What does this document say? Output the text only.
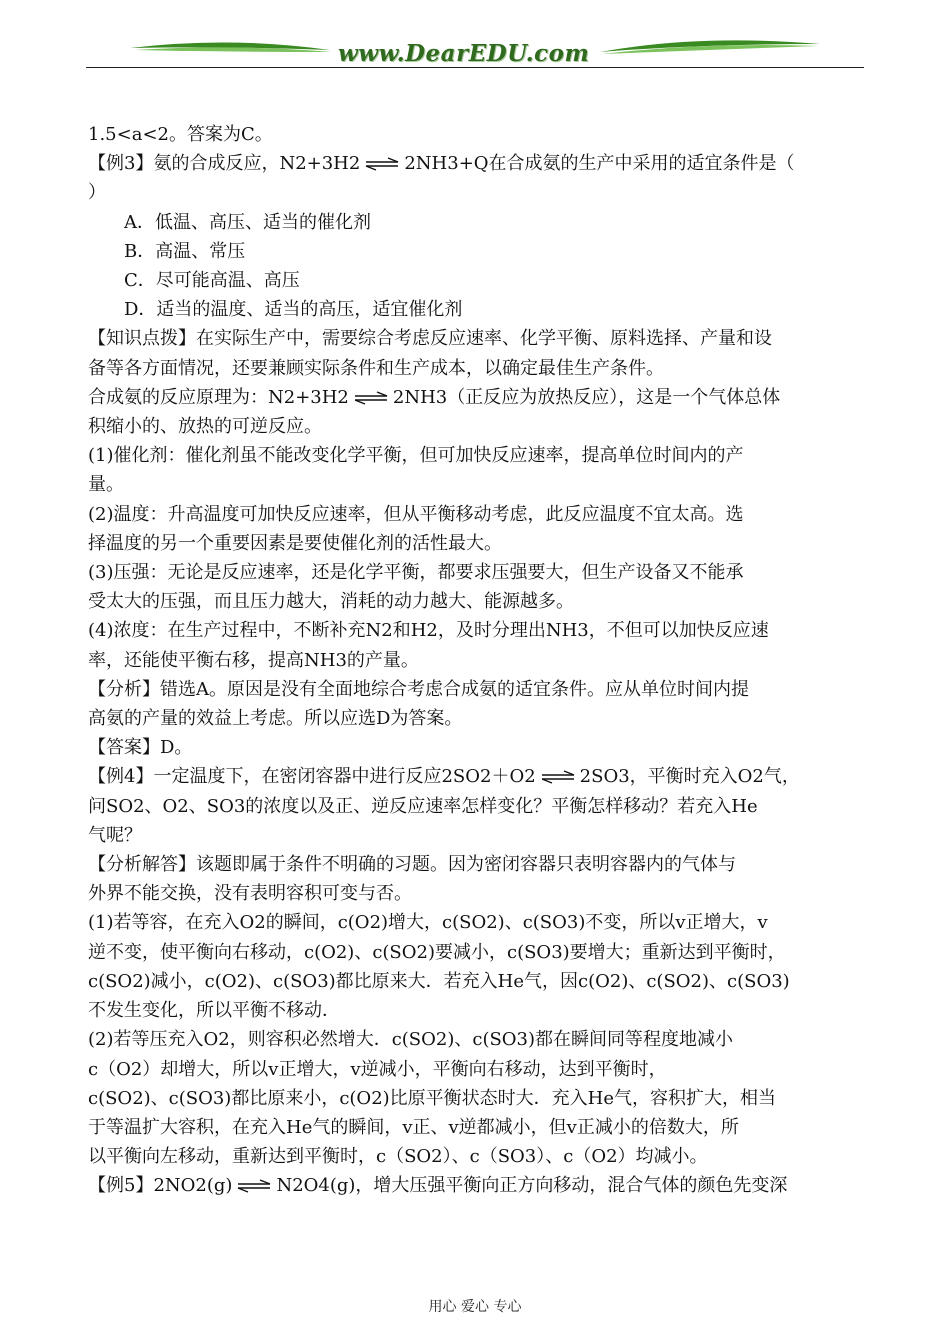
www.DearEDU.com

1.5<a<2。答案为C。

【例3】氨的合成反应，N2+3H2 ⇌ 2NH3+Q在合成氨的生产中采用的适宜条件是（

）

A．低温、高压、适当的催化剂

B．高温、常压

C．尽可能高温、高压

D．适当的温度、适当的高压，适宜催化剂

【知识点拨】在实际生产中，需要综合考虑反应速率、化学平衡、原料选择、产量和设

备等各方面情况，还要兼顾实际条件和生产成本，以确定最佳生产条件。

合成氨的反应原理为：N2+3H2 ⇌ 2NH3（正反应为放热反应），这是一个气体总体

积缩小的、放热的可逆反应。

(1)催化剂：催化剂虽不能改变化学平衡，但可加快反应速率，提高单位时间内的产

量。

(2)温度：升高温度可加快反应速率，但从平衡移动考虑，此反应温度不宜太高。选

择温度的另一个重要因素是要使催化剂的活性最大。

(3)压强：无论是反应速率，还是化学平衡，都要求压强要大，但生产设备又不能承

受太大的压强，而且压力越大，消耗的动力越大、能源越多。

(4)浓度：在生产过程中，不断补充N2和H2，及时分理出NH3，不但可以加快反应速

率，还能使平衡右移，提高NH3的产量。

【分析】错选A。原因是没有全面地综合考虑合成氨的适宜条件。应从单位时间内提

高氨的产量的效益上考虑。所以应选D为答案。

【答案】D。

【例4】一定温度下，在密闭容器中进行反应2SO2＋O2 ⇌ 2SO3，平衡时充入O2气，

问SO2、O2、SO3的浓度以及正、逆反应速率怎样变化？平衡怎样移动？若充入He

气呢？

【分析解答】该题即属于条件不明确的习题。因为密闭容器只表明容器内的气体与

外界不能交换，没有表明容积可变与否。

(1)若等容，在充入O2的瞬间，c(O2)增大，c(SO2)、c(SO3)不变，所以v正增大，v

逆不变，使平衡向右移动，c(O2)、c(SO2)要减小，c(SO3)要增大；重新达到平衡时，

c(SO2)减小，c(O2)、c(SO3)都比原来大．若充入He气，因c(O2)、c(SO2)、c(SO3)

不发生变化，所以平衡不移动．

(2)若等压充入O2，则容积必然增大．c(SO2)、c(SO3)都在瞬间同等程度地减小

c（O2）却增大，所以v正增大，v逆减小，平衡向右移动，达到平衡时，

c(SO2)、c(SO3)都比原来小，c(O2)比原平衡状态时大．充入He气，容积扩大，相当

于等温扩大容积，在充入He气的瞬间，v正、v逆都减小，但v正减小的倍数大，所

以平衡向左移动，重新达到平衡时，c（SO2）、c（SO3）、c（O2）均减小。

【例5】2NO2(g) ⇌ N2O4(g)，增大压强平衡向正方向移动，混合气体的颜色先变深

用心 爱心 专心
